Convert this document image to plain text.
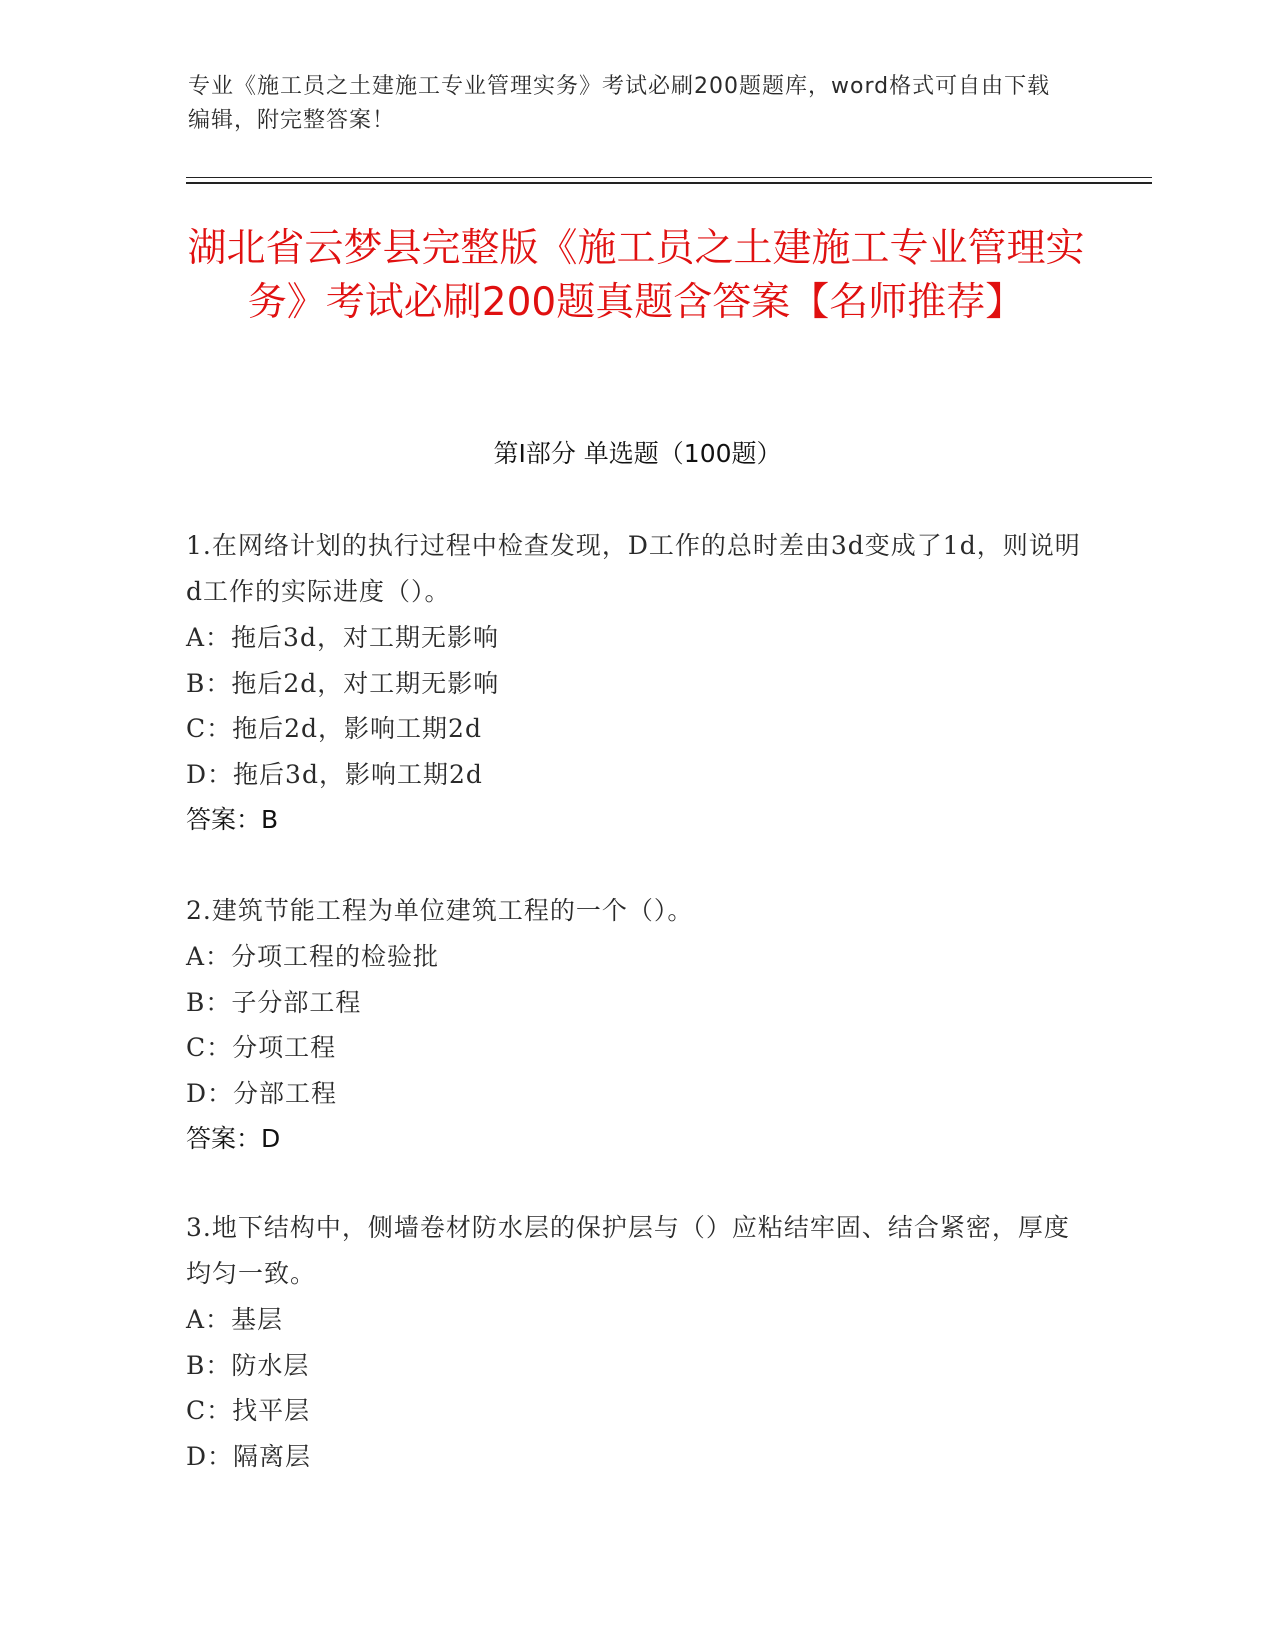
专业《施工员之土建施工专业管理实务》考试必刷200题题库，word格式可自由下载编辑，附完整答案！
湖北省云梦县完整版《施工员之土建施工专业管理实务》考试必刷200题真题含答案【名师推荐】
第I部分 单选题（100题）
1.在网络计划的执行过程中检查发现，D工作的总时差由3d变成了1d，则说明d工作的实际进度（）。
A：拖后3d，对工期无影响
B：拖后2d，对工期无影响
C：拖后2d，影响工期2d
D：拖后3d，影响工期2d
答案：B
2.建筑节能工程为单位建筑工程的一个（）。
A：分项工程的检验批
B：子分部工程
C：分项工程
D：分部工程
答案：D
3.地下结构中，侧墙卷材防水层的保护层与（）应粘结牢固、结合紧密，厚度均匀一致。
A：基层
B：防水层
C：找平层
D：隔离层
